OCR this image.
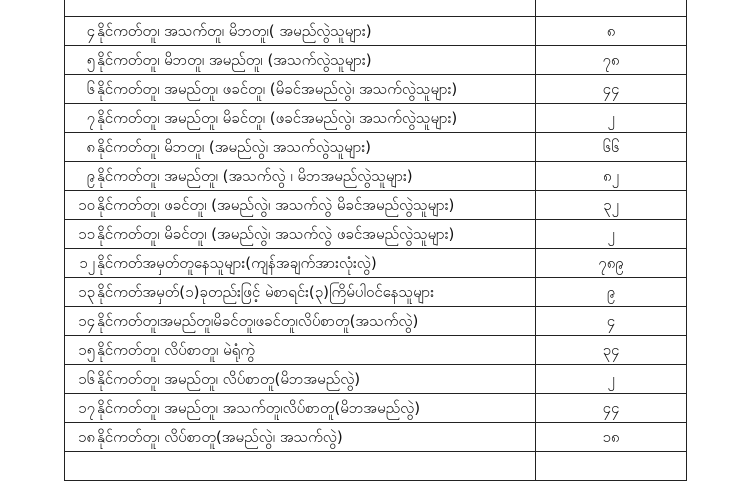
၄ နိုင်ကတ်တူ၊ အသက်တူ၊ မိဘတူ၊( အမည်လွဲသူများ)	၈
၅ နိုင်ကတ်တူ၊ မိဘတူ၊ အမည်တူ၊ (အသက်လွဲသူများ)	၇၈
၆ နိုင်ကတ်တူ၊ အမည်တူ၊ ဖခင်တူ၊ (မိခင်အမည်လွဲ၊ အသက်လွဲသူများ)	၄၄
၇ နိုင်ကတ်တူ၊ အမည်တူ၊ မိခင်တူ၊ (ဖခင်အမည်လွဲ၊ အသက်လွဲသူများ)	၂
၈ နိုင်ကတ်တူ၊ မိဘတူ၊ (အမည်လွဲ၊ အသက်လွဲသူများ)	၆၆
၉ နိုင်ကတ်တူ၊ အမည်တူ၊ (အသက်လွဲ ၊ မိဘအမည်လွဲသူများ)	၈၂
၁၀ နိုင်ကတ်တူ၊ ဖခင်တူ၊ (အမည်လွဲ၊ အသက်လွဲ မိခင်အမည်လွဲသူများ)	၃၂
၁၁ နိုင်ကတ်တူ၊ မိခင်တူ၊ (အမည်လွဲ၊ အသက်လွဲ ဖခင်အမည်လွဲသူများ)	၂
၁၂ နိုင်ကတ်အမှတ်တူနေသူများ(ကျန်အချက်အားလုံးလွဲ)	၇၈၉
၁၃ နိုင်ကတ်အမှတ်(၁)ခုတည်းဖြင့် မဲစာရင်း(၃)ကြိမ်ပါဝင်နေသူများ	၉
၁၄ နိုင်ကတ်တူ၊အမည်တူ၊မိခင်တူ၊ဖခင်တူ၊လိပ်စာတူ(အသက်လွဲ)	၄
၁၅ နိုင်ကတ်တူ၊ လိပ်စာတူ၊ မဲရုံကွဲ	၃၄
၁၆ နိုင်ကတ်တူ၊ အမည်တူ၊ လိပ်စာတူ(မိဘအမည်လွဲ)	၂
၁၇ နိုင်ကတ်တူ၊ အမည်တူ၊ အသက်တူ၊လိပ်စာတူ(မိဘအမည်လွဲ)	၄၄
၁၈ နိုင်ကတ်တူ၊ လိပ်စာတူ(အမည်လွဲ၊ အသက်လွဲ)	၁၈
